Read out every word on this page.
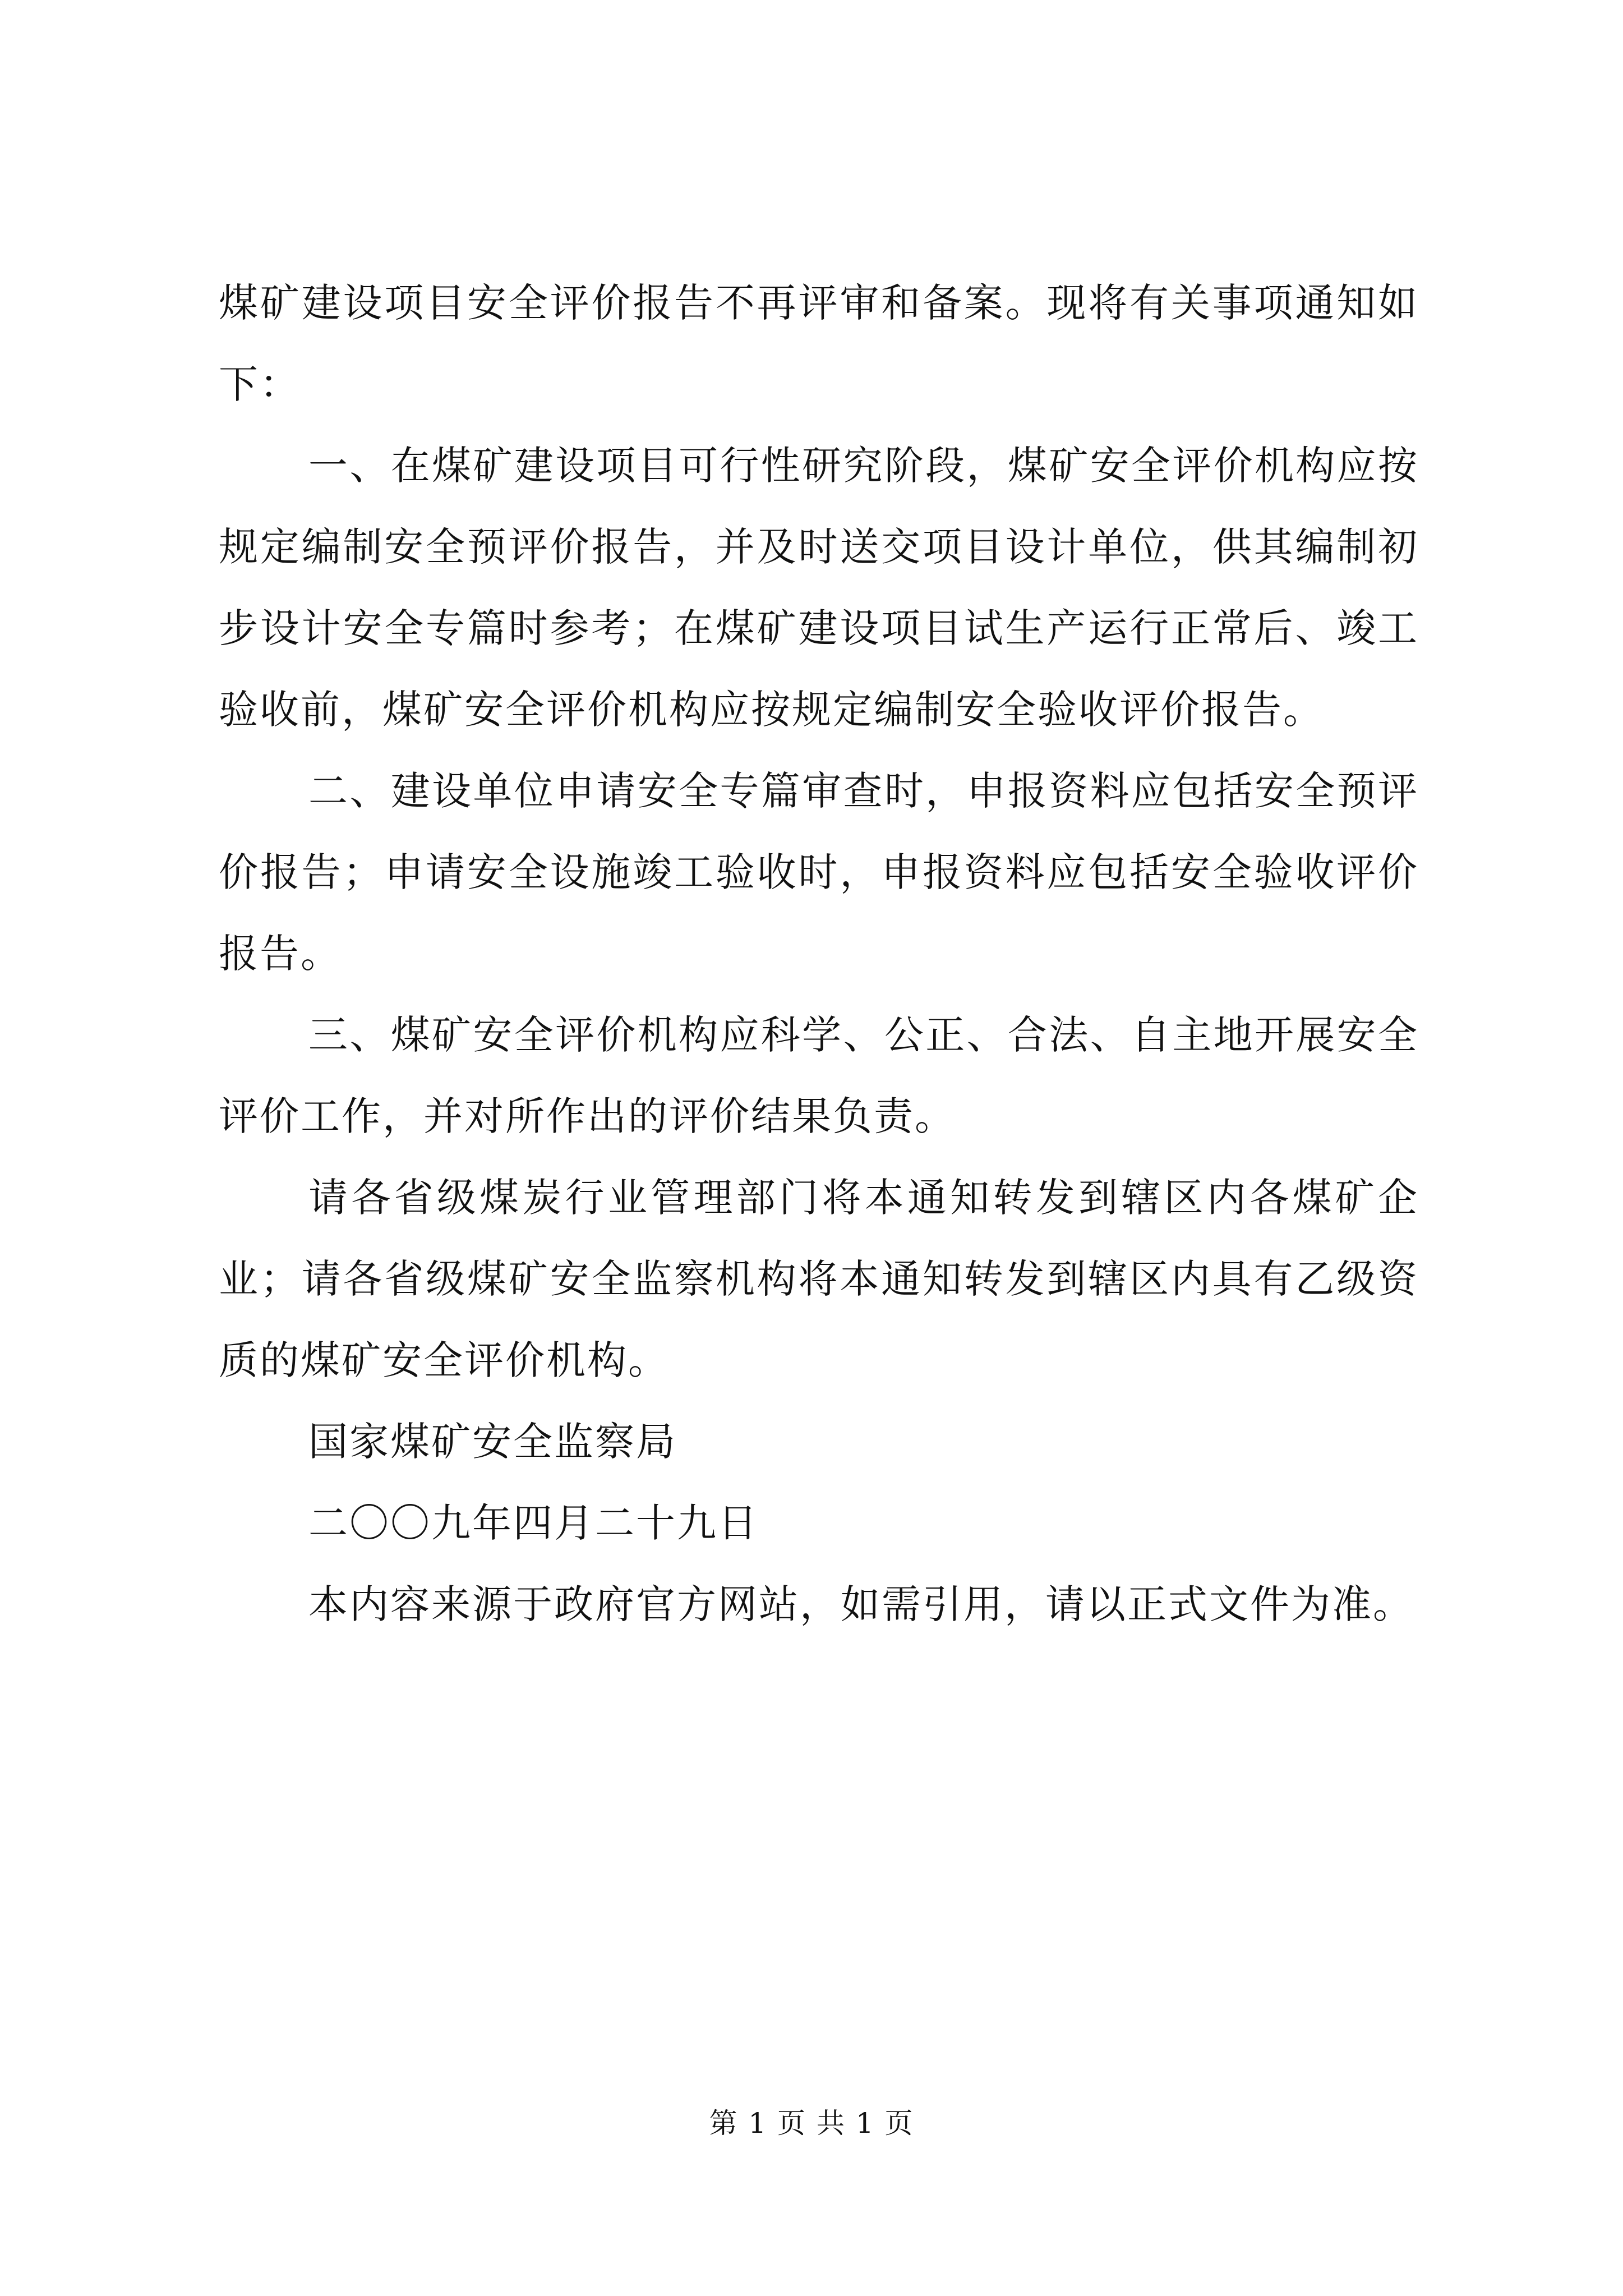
煤矿建设项目安全评价报告不再评审和备案。现将有关事项通知如下：

一、在煤矿建设项目可行性研究阶段，煤矿安全评价机构应按规定编制安全预评价报告，并及时送交项目设计单位，供其编制初步设计安全专篇时参考；在煤矿建设项目试生产运行正常后、竣工验收前，煤矿安全评价机构应按规定编制安全验收评价报告。

二、建设单位申请安全专篇审查时，申报资料应包括安全预评价报告；申请安全设施竣工验收时，申报资料应包括安全验收评价报告。

三、煤矿安全评价机构应科学、公正、合法、自主地开展安全评价工作，并对所作出的评价结果负责。

请各省级煤炭行业管理部门将本通知转发到辖区内各煤矿企业；请各省级煤矿安全监察机构将本通知转发到辖区内具有乙级资质的煤矿安全评价机构。

国家煤矿安全监察局

二〇〇九年四月二十九日

本内容来源于政府官方网站，如需引用，请以正式文件为准。

第 1 页 共 1 页
